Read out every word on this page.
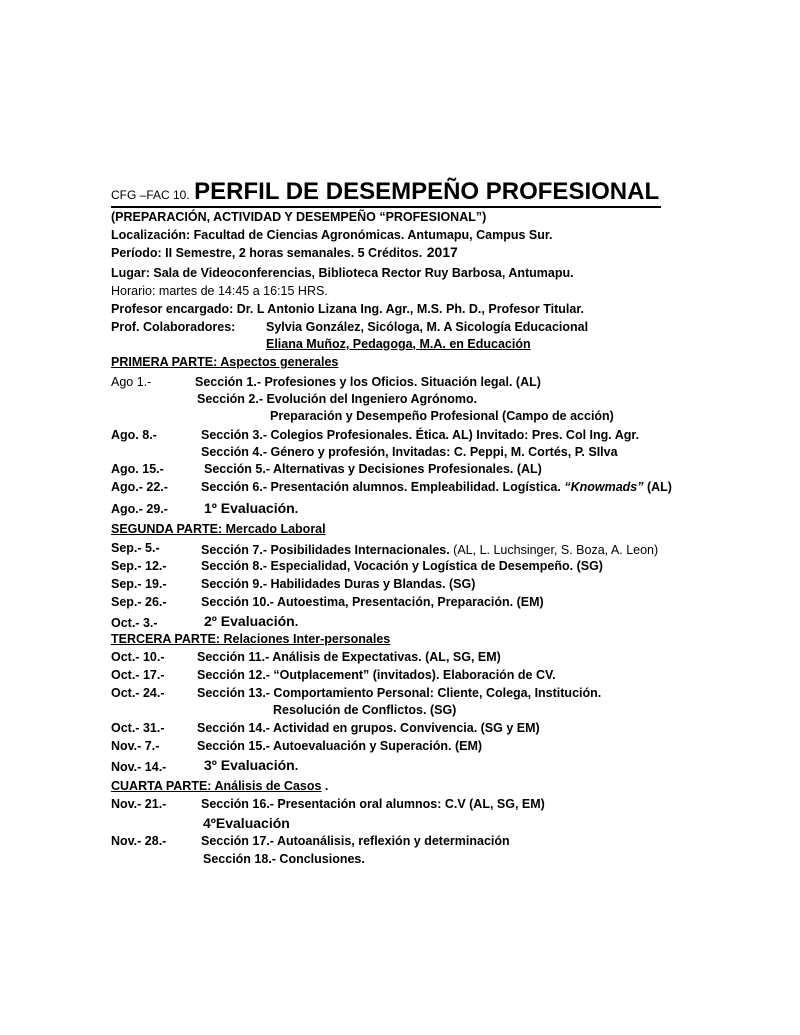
CFG –FAC 10. PERFIL DE DESEMPEÑO PROFESIONAL
(PREPARACIÓN, ACTIVIDAD Y DESEMPEÑO “PROFESIONAL”)
Localización: Facultad de Ciencias Agronómicas. Antumapu, Campus Sur.
Período: II Semestre, 2 horas semanales. 5 Créditos. 2017
Lugar: Sala de Videoconferencias, Biblioteca Rector Ruy Barbosa, Antumapu.
Horario: martes de 14:45 a 16:15 HRS.
Profesor encargado: Dr. L Antonio Lizana Ing. Agr., M.S. Ph. D., Profesor Titular.
Prof. Colaboradores: Sylvia González, Sicóloga, M. A Sicología Educacional
Eliana Muñoz, Pedagoga, M.A. en Educación
PRIMERA PARTE: Aspectos generales
Ago 1.-	Sección 1.- Profesiones y los Oficios. Situación legal. (AL)
Sección 2.- Evolución del Ingeniero Agrónomo.
Preparación y Desempeño Profesional (Campo de acción)
Ago. 8.-	Sección 3.- Colegios Profesionales. Ética. AL) Invitado: Pres. Col Ing. Agr.
Sección 4.- Género y profesión, Invitadas: C. Peppi, M. Cortés, P. SIlva
Ago. 15.-	Sección 5.- Alternativas y Decisiones Profesionales. (AL)
Ago.- 22.-	Sección 6.- Presentación alumnos. Empleabilidad. Logística. “Knowmads” (AL)
Ago.- 29.-	1º Evaluación.
SEGUNDA PARTE: Mercado Laboral
Sep.- 5.-	Sección 7.- Posibilidades Internacionales. (AL, L. Luchsinger, S. Boza, A. Leon)
Sep.- 12.-	Sección 8.- Especialidad, Vocación y Logística de Desempeño. (SG)
Sep.- 19.-	Sección 9.- Habilidades Duras y Blandas. (SG)
Sep.- 26.-	Sección 10.- Autoestima, Presentación, Preparación. (EM)
Oct.- 3.-	2º Evaluación.
TERCERA PARTE: Relaciones Inter-personales
Oct.- 10.-	Sección 11.- Análisis de Expectativas. (AL, SG, EM)
Oct.- 17.-	Sección 12.- “Outplacement” (invitados). Elaboración de CV.
Oct.- 24.-	Sección 13.- Comportamiento Personal: Cliente, Colega, Institución.
Resolución de Conflictos. (SG)
Oct.- 31.-	Sección 14.- Actividad en grupos. Convivencia. (SG y EM)
Nov.- 7.-	Sección 15.- Autoevaluación y Superación. (EM)
Nov.- 14.-	3º Evaluación.
CUARTA PARTE: Análisis de Casos .
Nov.- 21.-	Sección 16.- Presentación oral alumnos: C.V (AL, SG, EM)
4ºEvaluación
Nov.- 28.-	Sección 17.- Autoanálisis, reflexión y determinación
Sección 18.- Conclusiones.
